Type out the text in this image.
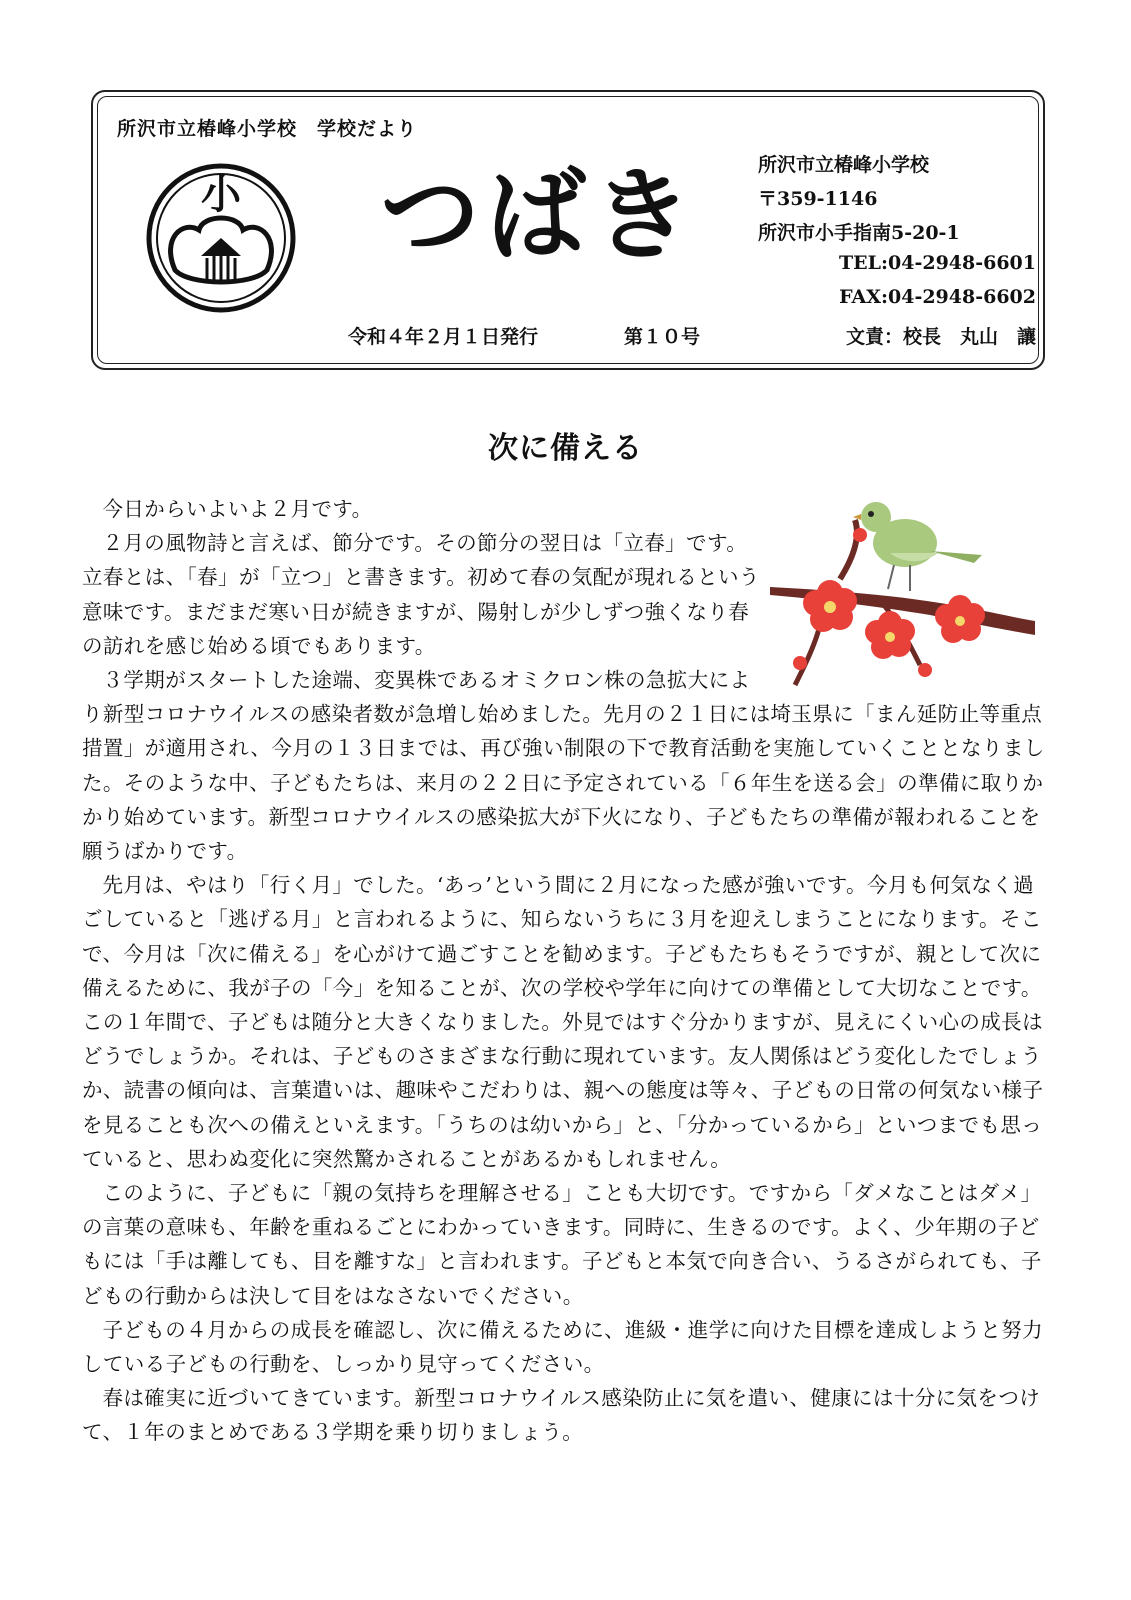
所沢市立椿峰小学校　学校だより
小 つばき
令和４年２月１日発行	第１０号
所沢市立椿峰小学校
〒359-1146
所沢市小手指南5-20-1
TEL:04-2948-6601
FAX:04-2948-6602
文責：校長　丸山　讓
次に備える

今日からいよいよ２月です。

２月の風物詩と言えば、節分です。その節分の翌日は「立春」です。立春とは、「春」が「立つ」と書きます。初めて春の気配が現れるという意味です。まだまだ寒い日が続きますが、陽射しが少しずつ強くなり春の訪れを感じ始める頃でもあります。

３学期がスタートした途端、変異株であるオミクロン株の急拡大により新型コロナウイルスの感染者数が急増し始めました。先月の２１日には埼玉県に「まん延防止等重点措置」が適用され、今月の１３日までは、再び強い制限の下で教育活動を実施していくこととなりました。そのような中、子どもたちは、来月の２２日に予定されている「６年生を送る会」の準備に取りかかり始めています。新型コロナウイルスの感染拡大が下火になり、子どもたちの準備が報われることを願うばかりです。

先月は、やはり「行く月」でした。‘あっ’という間に２月になった感が強いです。今月も何気なく過ごしていると「逃げる月」と言われるように、知らないうちに３月を迎えしまうことになります。そこで、今月は「次に備える」を心がけて過ごすことを勧めます。子どもたちもそうですが、親として次に備えるために、我が子の「今」を知ることが、次の学校や学年に向けての準備として大切なことです。この１年間で、子どもは随分と大きくなりました。外見ではすぐ分かりますが、見えにくい心の成長はどうでしょうか。それは、子どものさまざまな行動に現れています。友人関係はどう変化したでしょうか、読書の傾向は、言葉遣いは、趣味やこだわりは、親への態度は等々、子どもの日常の何気ない様子を見ることも次への備えといえます。「うちのは幼いから」と、「分かっているから」といつまでも思っていると、思わぬ変化に突然驚かされることがあるかもしれません。

このように、子どもに「親の気持ちを理解させる」ことも大切です。ですから「ダメなことはダメ」の言葉の意味も、年齢を重ねるごとにわかっていきます。同時に、生きるのです。よく、少年期の子どもには「手は離しても、目を離すな」と言われます。子どもと本気で向き合い、うるさがられても、子どもの行動からは決して目をはなさないでください。

子どもの４月からの成長を確認し、次に備えるために、進級・進学に向けた目標を達成しようと努力している子どもの行動を、しっかり見守ってください。

春は確実に近づいてきています。新型コロナウイルス感染防止に気を遣い、健康には十分に気をつけて、１年のまとめである３学期を乗り切りましょう。
